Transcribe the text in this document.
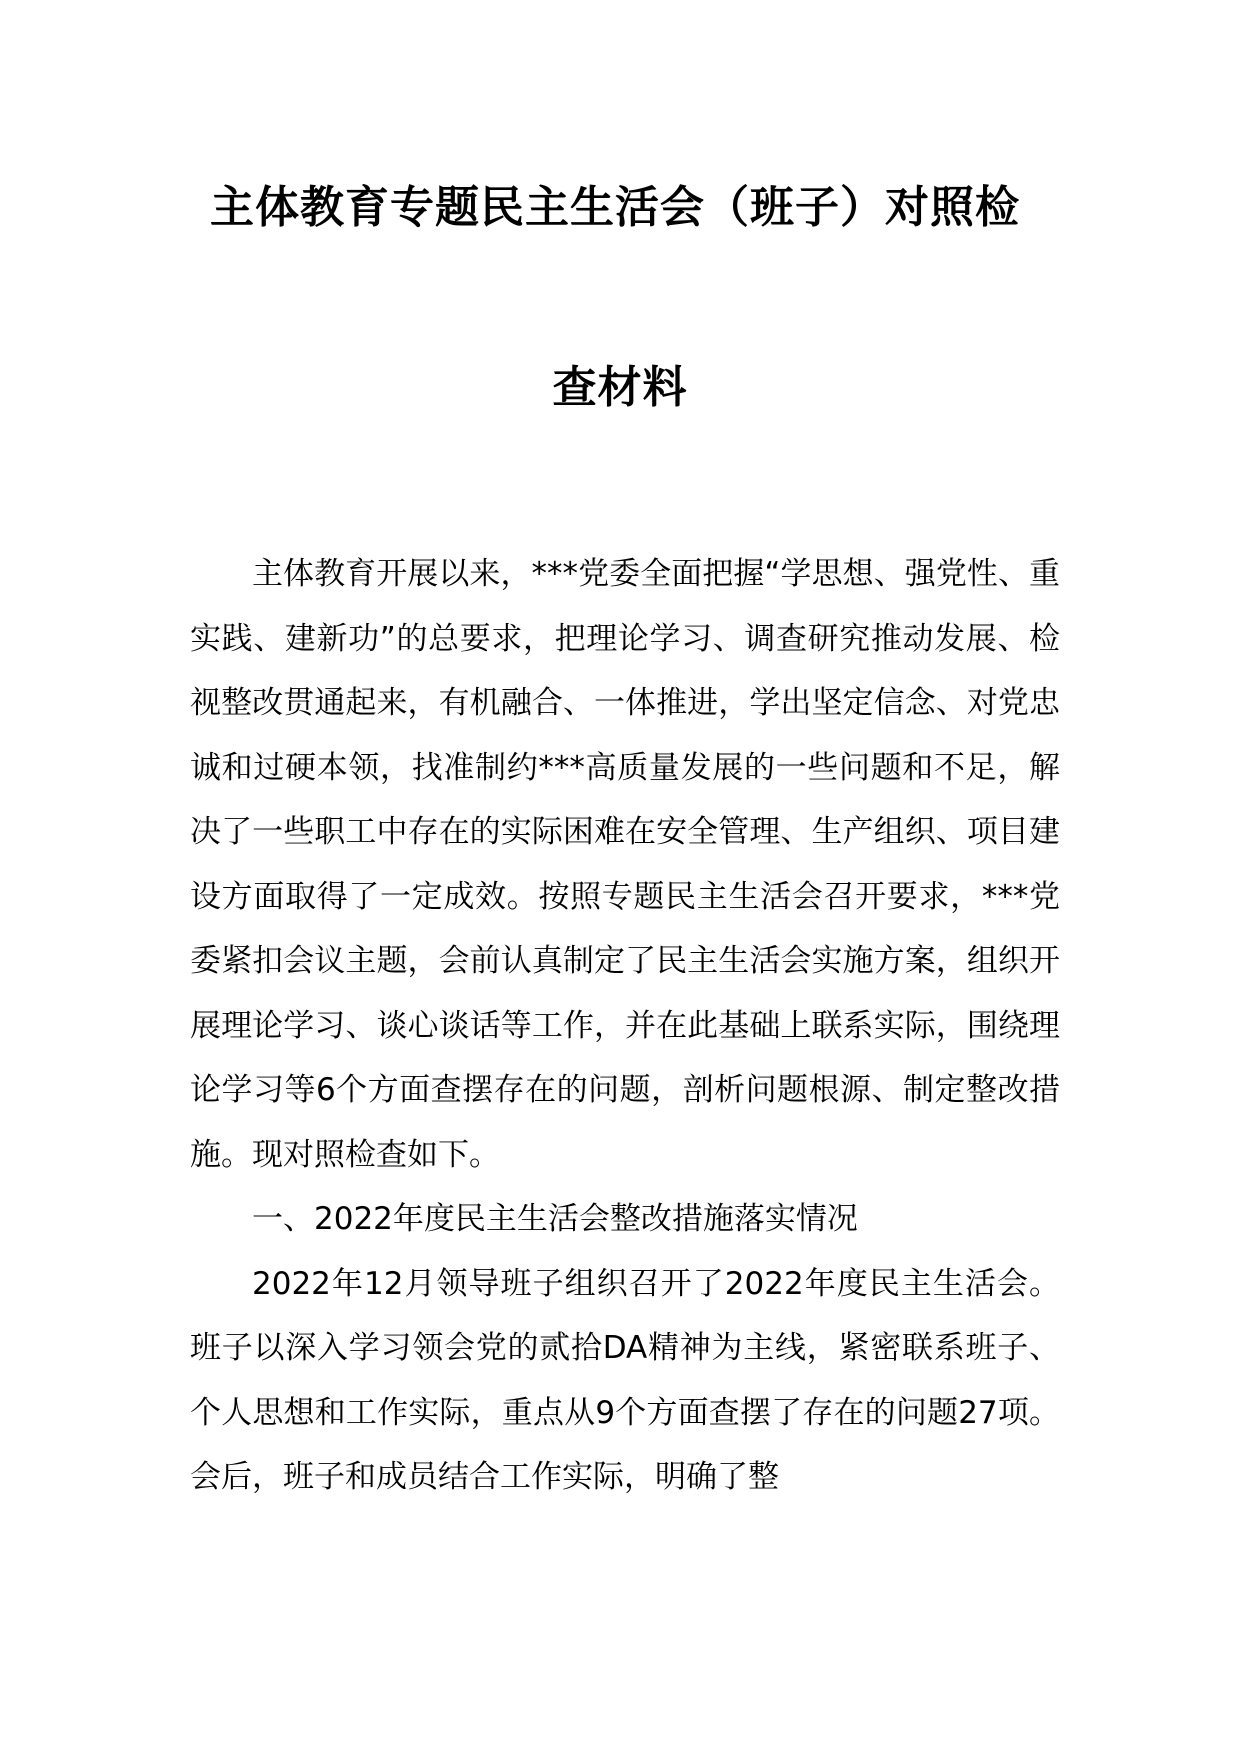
主体教育专题民主生活会（班子）对照检
查材料

主体教育开展以来，***党委全面把握“学思想、强党性、重实践、建新功”的总要求，把理论学习、调查研究推动发展、检视整改贯通起来，有机融合、一体推进，学出坚定信念、对党忠诚和过硬本领，找准制约***高质量发展的一些问题和不足，解决了一些职工中存在的实际困难在安全管理、生产组织、项目建设方面取得了一定成效。按照专题民主生活会召开要求，***党委紧扣会议主题，会前认真制定了民主生活会实施方案，组织开展理论学习、谈心谈话等工作，并在此基础上联系实际，围绕理论学习等6个方面查摆存在的问题，剖析问题根源、制定整改措施。现对照检查如下。

一、2022年度民主生活会整改措施落实情况

2022年12月领导班子组织召开了2022年度民主生活会。班子以深入学习领会党的贰拾DA精神为主线，紧密联系班子、个人思想和工作实际，重点从9个方面查摆了存在的问题27项。会后，班子和成员结合工作实际，明确了整
